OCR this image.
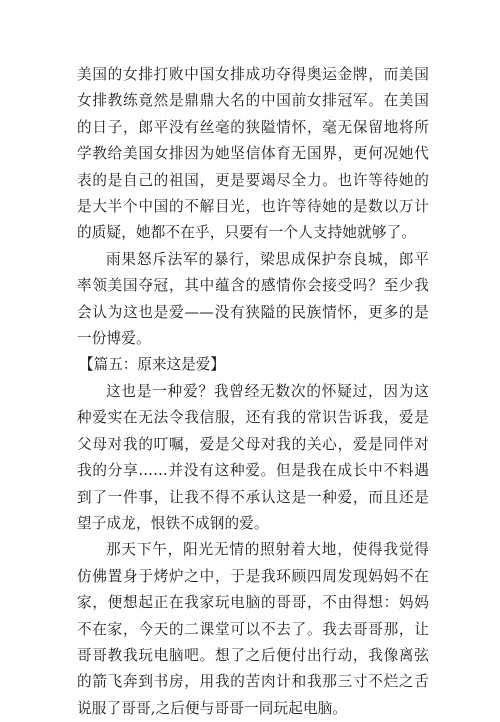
美国的女排打败中国女排成功夺得奥运金牌，而美国女排教练竟然是鼎鼎大名的中国前女排冠军。在美国的日子，郎平没有丝毫的狭隘情怀，毫无保留地将所学教给美国女排因为她坚信体育无国界，更何况她代表的是自己的祖国，更是要竭尽全力。也许等待她的是大半个中国的不解目光，也许等待她的是数以万计的质疑，她都不在乎，只要有一个人支持她就够了。

雨果怒斥法军的暴行，梁思成保护奈良城，郎平率领美国夺冠，其中蕴含的感情你会接受吗？至少我会认为这也是爱——没有狭隘的民族情怀，更多的是一份博爱。

【篇五：原来这是爱】

这也是一种爱？我曾经无数次的怀疑过，因为这种爱实在无法令我信服，还有我的常识告诉我，爱是父母对我的叮嘱，爱是父母对我的关心，爱是同伴对我的分享……并没有这种爱。但是我在成长中不料遇到了一件事，让我不得不承认这是一种爱，而且还是望子成龙，恨铁不成钢的爱。

那天下午，阳光无情的照射着大地，使得我觉得仿佛置身于烤炉之中，于是我环顾四周发现妈妈不在家，便想起正在我家玩电脑的哥哥，不由得想：妈妈不在家，今天的二课堂可以不去了。我去哥哥那，让哥哥教我玩电脑吧。想了之后便付出行动，我像离弦的箭飞奔到书房，用我的苦肉计和我那三寸不烂之舌说服了哥哥,之后便与哥哥一同玩起电脑。
